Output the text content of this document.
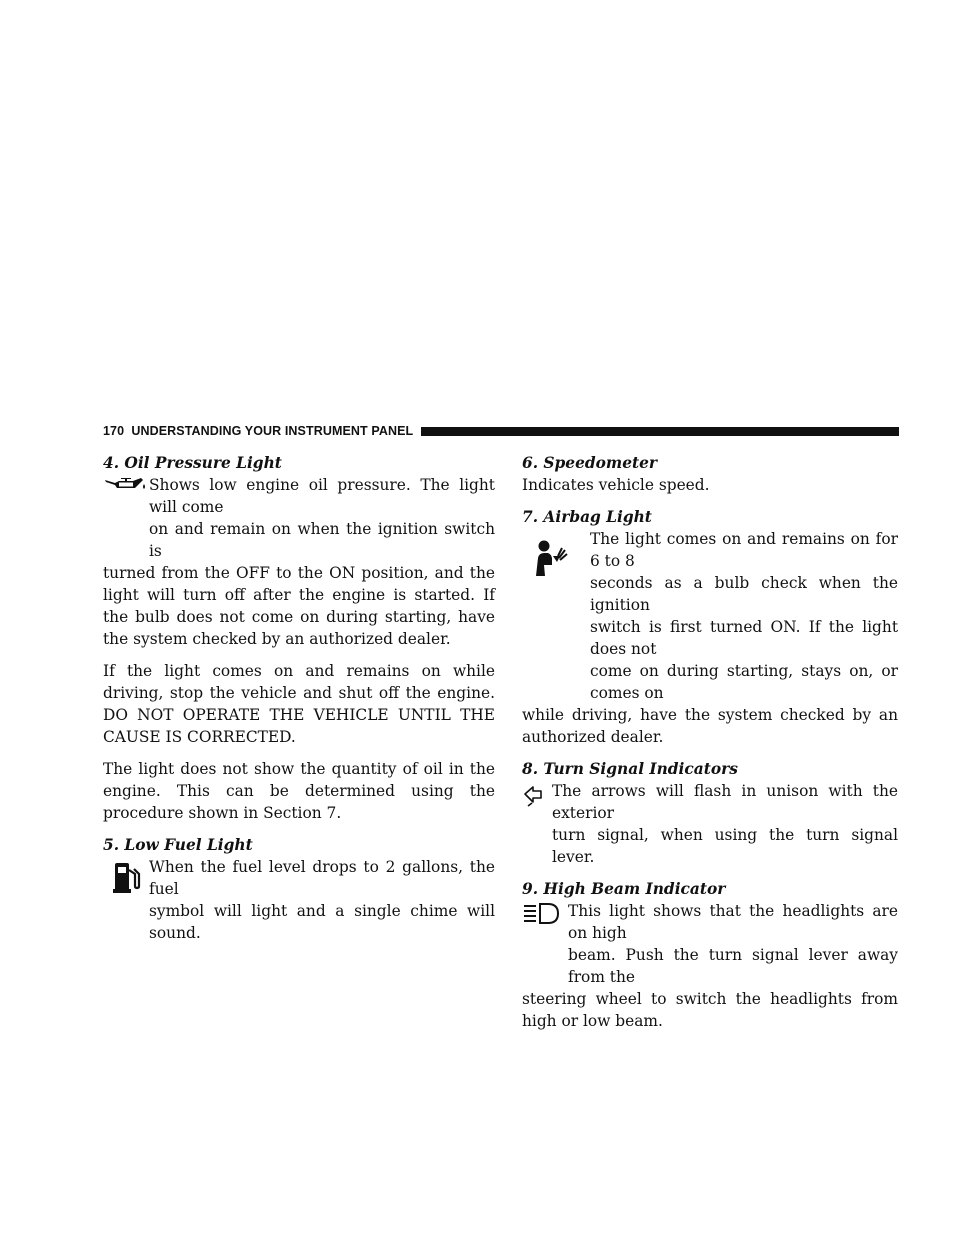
170 UNDERSTANDING YOUR INSTRUMENT PANEL
4. Oil Pressure Light
Shows low engine oil pressure. The light will come
on and remain on when the ignition switch is
turned from the OFF to the ON position, and the light will turn off after the engine is started. If the bulb does not come on during starting, have the system checked by an authorized dealer.

If the light comes on and remains on while driving, stop the vehicle and shut off the engine. DO NOT OPERATE THE VEHICLE UNTIL THE CAUSE IS CORRECTED.

The light does not show the quantity of oil in the engine. This can be determined using the procedure shown in Section 7.

5. Low Fuel Light
When the fuel level drops to 2 gallons, the fuel
symbol will light and a single chime will sound.
6. Speedometer

Indicates vehicle speed.

7. Airbag Light
The light comes on and remains on for 6 to 8
seconds as a bulb check when the ignition
switch is first turned ON. If the light does not
come on during starting, stays on, or comes on
while driving, have the system checked by an authorized dealer.
8. Turn Signal Indicators
The arrows will flash in unison with the exterior
turn signal, when using the turn signal lever.
9. High Beam Indicator
This light shows that the headlights are on high
beam. Push the turn signal lever away from the
steering wheel to switch the headlights from high or low beam.
